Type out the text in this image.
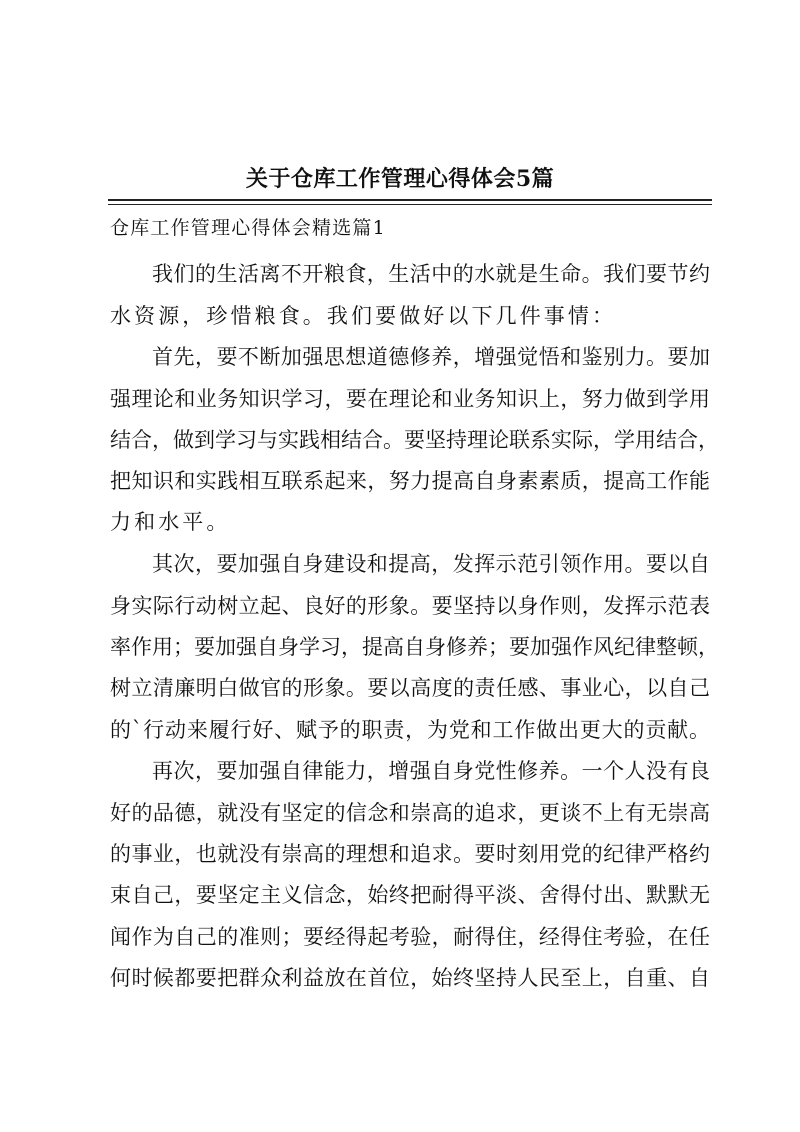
关于仓库工作管理心得体会5篇
仓库工作管理心得体会精选篇1
我们的生活离不开粮食，生活中的水就是生命。我们要节约
水资源，珍惜粮食。我们要做好以下几件事情：
首先，要不断加强思想道德修养，增强觉悟和鉴别力。要加
强理论和业务知识学习，要在理论和业务知识上，努力做到学用
结合，做到学习与实践相结合。要坚持理论联系实际，学用结合，
把知识和实践相互联系起来，努力提高自身素素质，提高工作能
力和水平。
其次，要加强自身建设和提高，发挥示范引领作用。要以自
身实际行动树立起、良好的形象。要坚持以身作则，发挥示范表
率作用；要加强自身学习，提高自身修养；要加强作风纪律整顿，
树立清廉明白做官的形象。要以高度的责任感、事业心，以自己
的`行动来履行好、赋予的职责，为党和工作做出更大的贡献。
再次，要加强自律能力，增强自身党性修养。一个人没有良
好的品德，就没有坚定的信念和崇高的追求，更谈不上有无崇高
的事业，也就没有崇高的理想和追求。要时刻用党的纪律严格约
束自己，要坚定主义信念，始终把耐得平淡、舍得付出、默默无
闻作为自己的准则；要经得起考验，耐得住，经得住考验，在任
何时候都要把群众利益放在首位，始终坚持人民至上，自重、自
